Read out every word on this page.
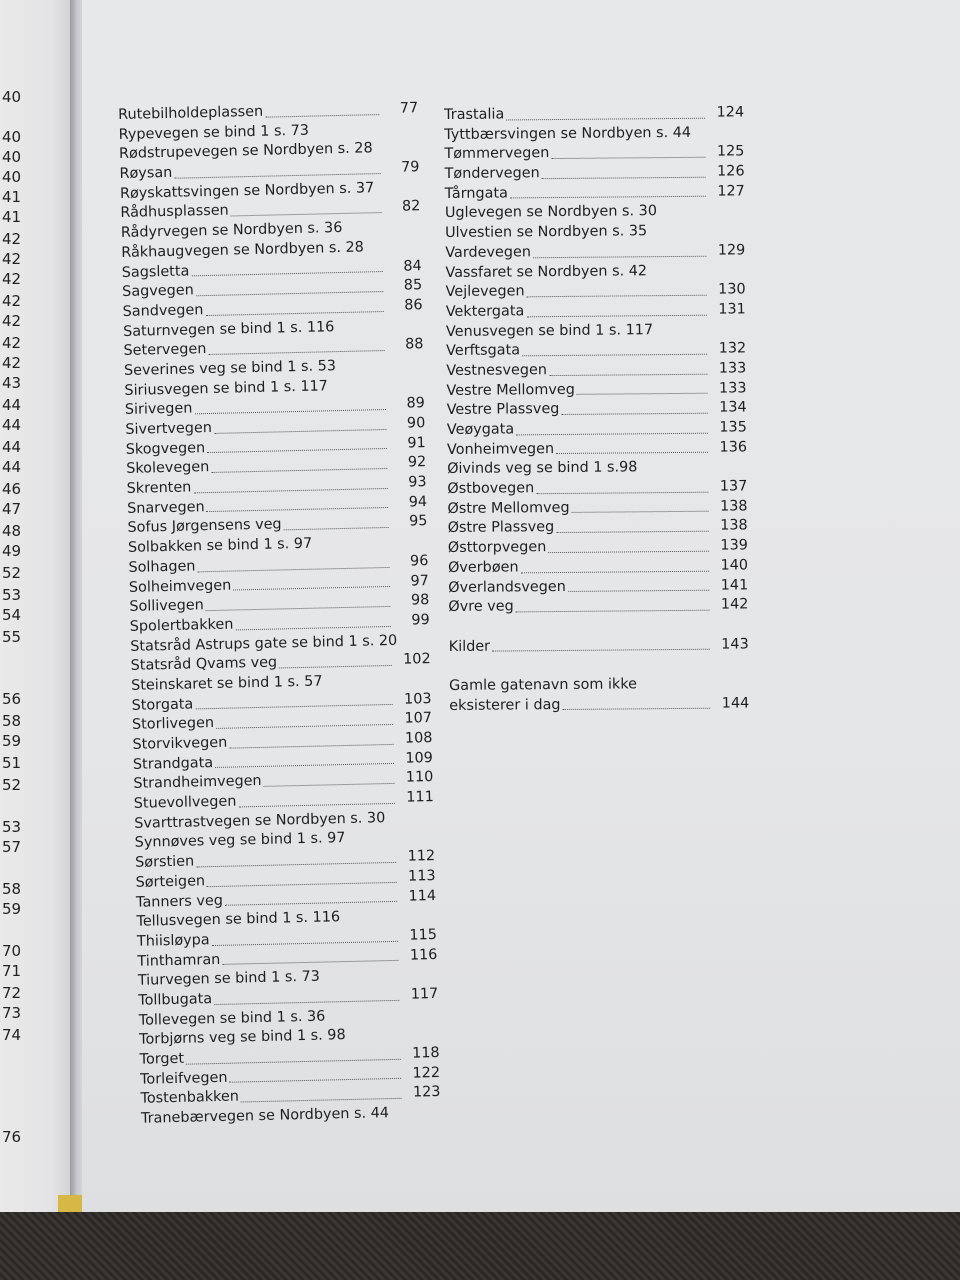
40
40
40
40
41
41
42
42
42
42
42
42
42
43
44
44
44
44
46
47
48
49
52
53
54
55
56
58
59
51
52
53
57
58
59
70
71
72
73
74
76
Rutebilholdeplassen	77
Rypevegen se bind 1 s. 73
Rødstrupevegen se Nordbyen s. 28
Røysan	79
Røyskattsvingen se Nordbyen s. 37
Rådhusplassen	82
Rådyrvegen se Nordbyen s. 36
Råkhaugvegen se Nordbyen s. 28
Sagsletta	84
Sagvegen	85
Sandvegen	86
Saturnvegen se bind 1 s. 116
Setervegen	88
Severines veg se bind 1 s. 53
Siriusvegen se bind 1 s. 117
Sirivegen	89
Sivertvegen	90
Skogvegen	91
Skolevegen	92
Skrenten	93
Snarvegen	94
Sofus Jørgensens veg	95
Solbakken se bind 1 s. 97
Solhagen	96
Solheimvegen	97
Sollivegen	98
Spolertbakken	99
Statsråd Astrups gate se bind 1 s. 20
Statsråd Qvams veg	102
Steinskaret se bind 1 s. 57
Storgata	103
Storlivegen	107
Storvikvegen	108
Strandgata	109
Strandheimvegen	110
Stuevollvegen	111
Svarttrastvegen se Nordbyen s. 30
Synnøves veg se bind 1 s. 97
Sørstien	112
Sørteigen	113
Tanners veg	114
Tellusvegen se bind 1 s. 116
Thiisløypa	115
Tinthamran	116
Tiurvegen se bind 1 s. 73
Tollbugata	117
Tollevegen se bind 1 s. 36
Torbjørns veg se bind 1 s. 98
Torget	118
Torleifvegen	122
Tostenbakken	123
Tranebærvegen se Nordbyen s. 44
Trastalia	124
Tyttbærsvingen se Nordbyen s. 44
Tømmervegen	125
Tøndervegen	126
Tårngata	127
Uglevegen se Nordbyen s. 30
Ulvestien se Nordbyen s. 35
Vardevegen	129
Vassfaret se Nordbyen s. 42
Vejlevegen	130
Vektergata	131
Venusvegen se bind 1 s. 117
Verftsgata	132
Vestnesvegen	133
Vestre Mellomveg	133
Vestre Plassveg	134
Veøygata	135
Vonheimvegen	136
Øivinds veg se bind 1 s.98
Østbovegen	137
Østre Mellomveg	138
Østre Plassveg	138
Østtorpvegen	139
Øverbøen	140
Øverlandsvegen	141
Øvre veg	142
Kilder	143
Gamle gatenavn som ikke
eksisterer i dag	144
